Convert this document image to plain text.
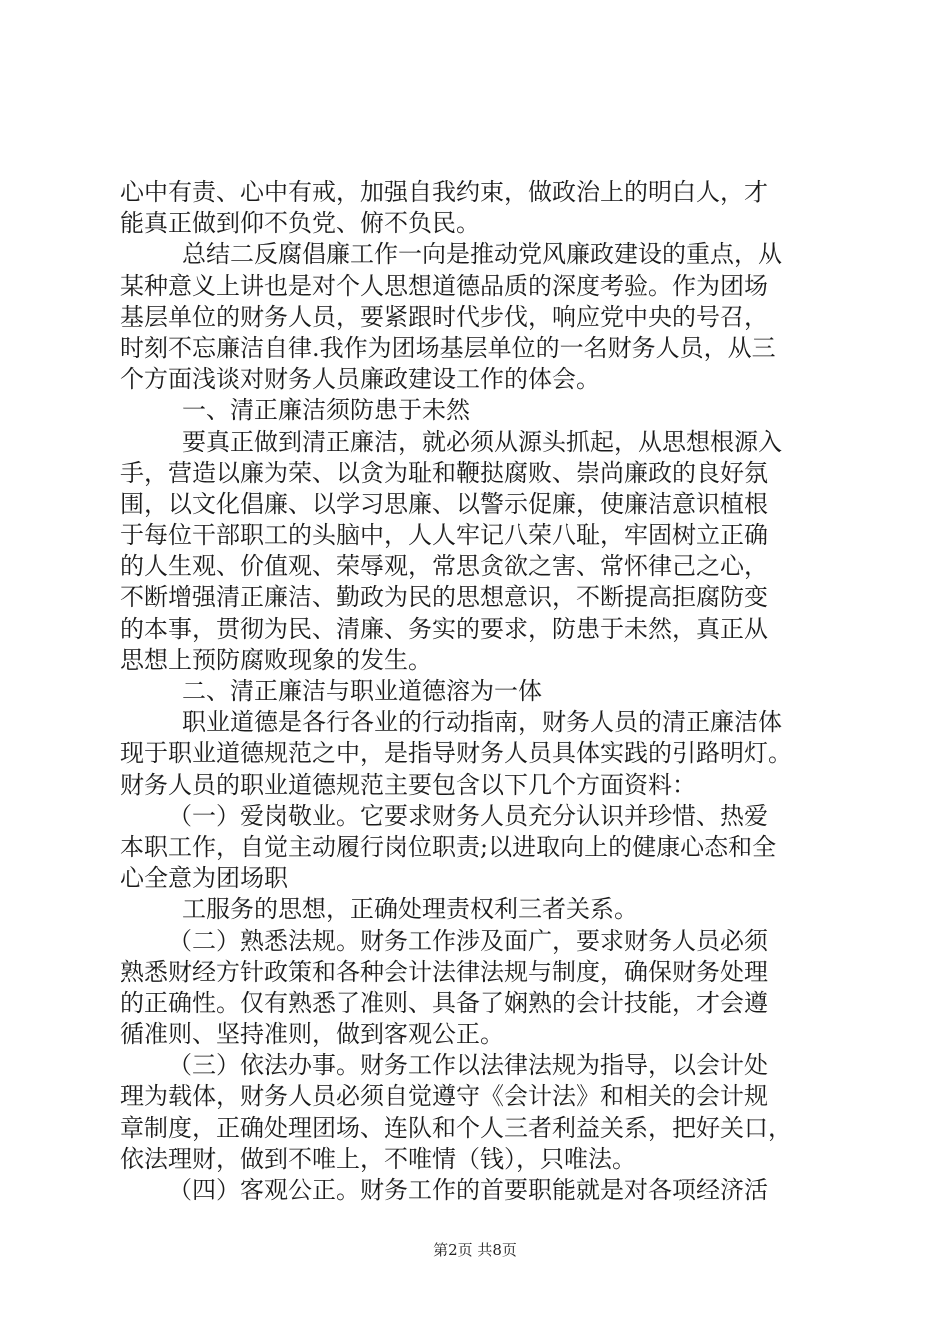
心中有责、心中有戒，加强自我约束，做政治上的明白人，才
能真正做到仰不负党、俯不负民。
总结二反腐倡廉工作一向是推动党风廉政建设的重点，从
某种意义上讲也是对个人思想道德品质的深度考验。作为团场
基层单位的财务人员，要紧跟时代步伐，响应党中央的号召，
时刻不忘廉洁自律.我作为团场基层单位的一名财务人员，从三
个方面浅谈对财务人员廉政建设工作的体会。
一、清正廉洁须防患于未然
要真正做到清正廉洁，就必须从源头抓起，从思想根源入
手，营造以廉为荣、以贪为耻和鞭挞腐败、崇尚廉政的良好氛
围，以文化倡廉、以学习思廉、以警示促廉，使廉洁意识植根
于每位干部职工的头脑中，人人牢记八荣八耻，牢固树立正确
的人生观、价值观、荣辱观，常思贪欲之害、常怀律己之心，
不断增强清正廉洁、勤政为民的思想意识，不断提高拒腐防变
的本事，贯彻为民、清廉、务实的要求，防患于未然，真正从
思想上预防腐败现象的发生。
二、清正廉洁与职业道德溶为一体
职业道德是各行各业的行动指南，财务人员的清正廉洁体
现于职业道德规范之中，是指导财务人员具体实践的引路明灯。
财务人员的职业道德规范主要包含以下几个方面资料：
（一）爱岗敬业。它要求财务人员充分认识并珍惜、热爱
本职工作，自觉主动履行岗位职责;以进取向上的健康心态和全
心全意为团场职
工服务的思想，正确处理责权利三者关系。
（二）熟悉法规。财务工作涉及面广，要求财务人员必须
熟悉财经方针政策和各种会计法律法规与制度，确保财务处理
的正确性。仅有熟悉了准则、具备了娴熟的会计技能，才会遵
循准则、坚持准则，做到客观公正。
（三）依法办事。财务工作以法律法规为指导，以会计处
理为载体，财务人员必须自觉遵守《会计法》和相关的会计规
章制度，正确处理团场、连队和个人三者利益关系，把好关口，
依法理财，做到不唯上，不唯情（钱），只唯法。
（四）客观公正。财务工作的首要职能就是对各项经济活
第2页 共8页
